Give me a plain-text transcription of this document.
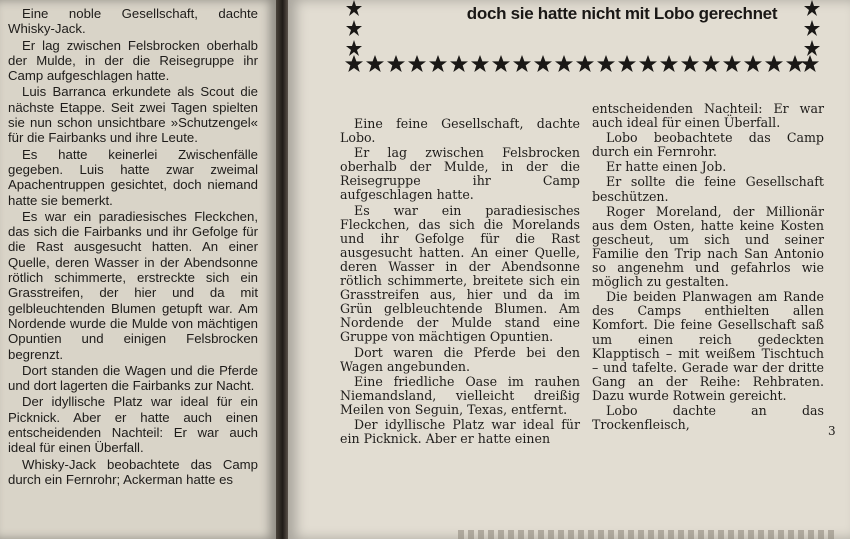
Eine noble Gesellschaft, dachte Whisky-Jack.

Er lag zwischen Felsbrocken oberhalb der Mulde, in der die Reisegruppe ihr Camp aufgeschlagen hatte.

Luis Barranca erkundete als Scout die nächste Etappe. Seit zwei Tagen spielten sie nun schon unsichtbare »Schutzengel« für die Fairbanks und ihre Leute.

Es hatte keinerlei Zwischenfälle gegeben. Luis hatte zwar zweimal Apachentruppen gesichtet, doch niemand hatte sie bemerkt.

Es war ein paradiesisches Fleckchen, das sich die Fairbanks und ihr Gefolge für die Rast ausgesucht hatten. An einer Quelle, deren Wasser in der Abendsonne rötlich schimmerte, erstreckte sich ein Grasstreifen, der hier und da mit gelbleuchtenden Blumen getupft war. Am Nordende wurde die Mulde von mächtigen Opuntien und einigen Felsbrocken begrenzt.

Dort standen die Wagen und die Pferde und dort lagerten die Fairbanks zur Nacht.

Der idyllische Platz war ideal für ein Picknick. Aber er hatte auch einen entscheidenden Nachteil: Er war auch ideal für einen Überfall.

Whisky-Jack beobachtete das Camp durch ein Fernrohr; Ackerman hatte es

doch sie hatte nicht mit Lobo gerechnet

Eine feine Gesellschaft, dachte Lobo.

Er lag zwischen Felsbrocken oberhalb der Mulde, in der die Reisegruppe ihr Camp aufgeschlagen hatte.

Es war ein paradiesisches Fleckchen, das sich die Morelands und ihr Gefolge für die Rast ausgesucht hatten. An einer Quelle, deren Wasser in der Abendsonne rötlich schimmerte, breitete sich ein Grasstreifen aus, hier und da im Grün gelbleuchtende Blumen. Am Nordende der Mulde stand eine Gruppe von mächtigen Opuntien.

Dort waren die Pferde bei den Wagen angebunden.

Eine friedliche Oase im rauhen Niemandsland, vielleicht dreißig Meilen von Seguin, Texas, entfernt.

Der idyllische Platz war ideal für ein Picknick. Aber er hatte einen

entscheidenden Nachteil: Er war auch ideal für einen Überfall.

Lobo beobachtete das Camp durch ein Fernrohr.

Er hatte einen Job.

Er sollte die feine Gesellschaft beschützen.

Roger Moreland, der Millionär aus dem Osten, hatte keine Kosten gescheut, um sich und seiner Familie den Trip nach San Antonio so angenehm und gefahrlos wie möglich zu gestalten.

Die beiden Planwagen am Rande des Camps enthielten allen Komfort. Die feine Gesellschaft saß um einen reich gedeckten Klapptisch – mit weißem Tischtuch – und tafelte. Gerade war der dritte Gang an der Reihe: Rehbraten. Dazu wurde Rotwein gereicht.

Lobo dachte an das Trockenfleisch,	3
